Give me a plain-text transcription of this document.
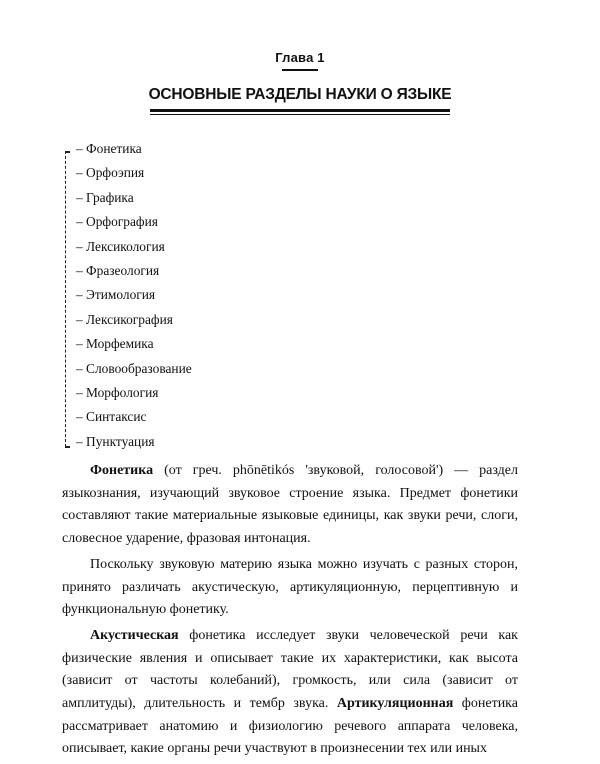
Глава 1
ОСНОВНЫЕ РАЗДЕЛЫ НАУКИ О ЯЗЫКЕ
– Фонетика
– Орфоэпия
– Графика
– Орфография
– Лексикология
– Фразеология
– Этимология
– Лексикография
– Морфемика
– Словообразование
– Морфология
– Синтаксис
– Пунктуация

Фонетика (от греч. phōnētikós 'звуковой, голосовой') — раздел языкознания, изучающий звуковое строение языка. Предмет фонетики составляют такие материальные языковые единицы, как звуки речи, слоги, словесное ударение, фразовая интонация.

Поскольку звуковую материю языка можно изучать с разных сторон, принято различать акустическую, артикуляционную, перцептивную и функциональную фонетику.

Акустическая фонетика исследует звуки человеческой речи как физические явления и описывает такие их характеристики, как высота (зависит от частоты колебаний), громкость, или сила (зависит от амплитуды), длительность и тембр звука. Артикуляционная фонетика рассматривает анатомию и физиологию речевого аппарата человека, описывает, какие органы речи участвуют в произнесении тех или иных
